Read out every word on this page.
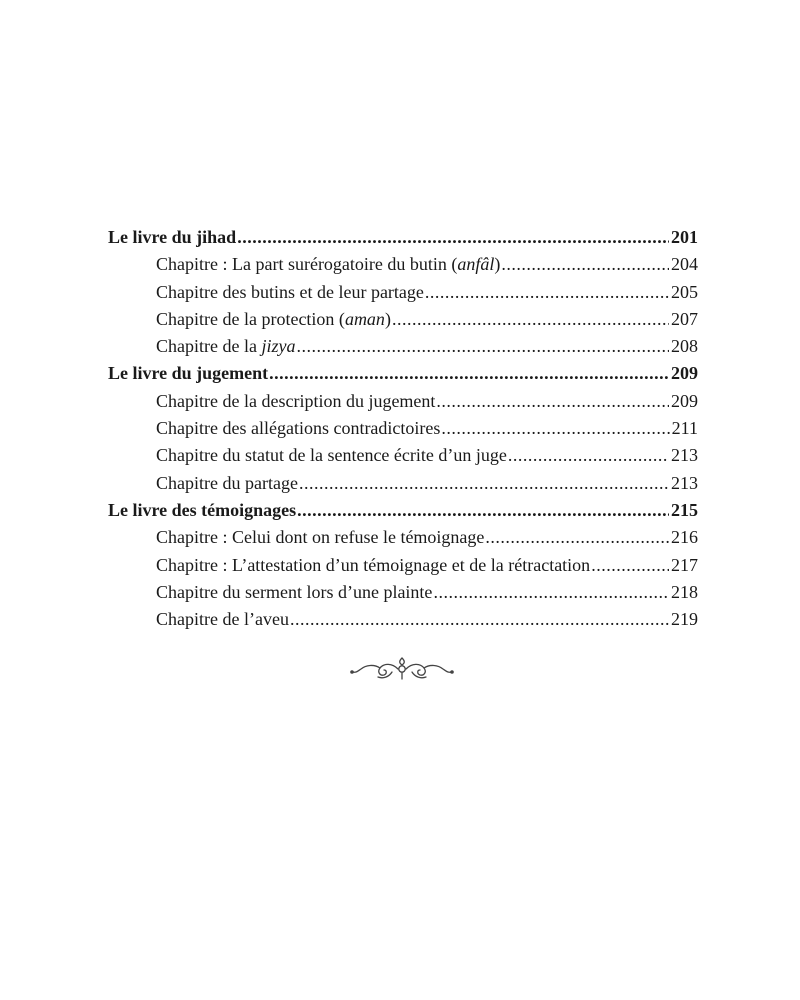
Le livre du jihad .....	201
Chapitre : La part surérogatoire du butin (anfâl) .....	204
Chapitre des butins et de leur partage .....	205
Chapitre de la protection (aman) .....	207
Chapitre de la jizya .....	208
Le livre du jugement .....	209
Chapitre de la description du jugement .....	209
Chapitre des allégations contradictoires .....	211
Chapitre du statut de la sentence écrite d’un juge .....	213
Chapitre du partage .....	213
Le livre des témoignages .....	215
Chapitre : Celui dont on refuse le témoignage .....	216
Chapitre : L’attestation d’un témoignage et de la rétractation .....	217
Chapitre du serment lors d’une plainte .....	218
Chapitre de l’aveu .....	219
